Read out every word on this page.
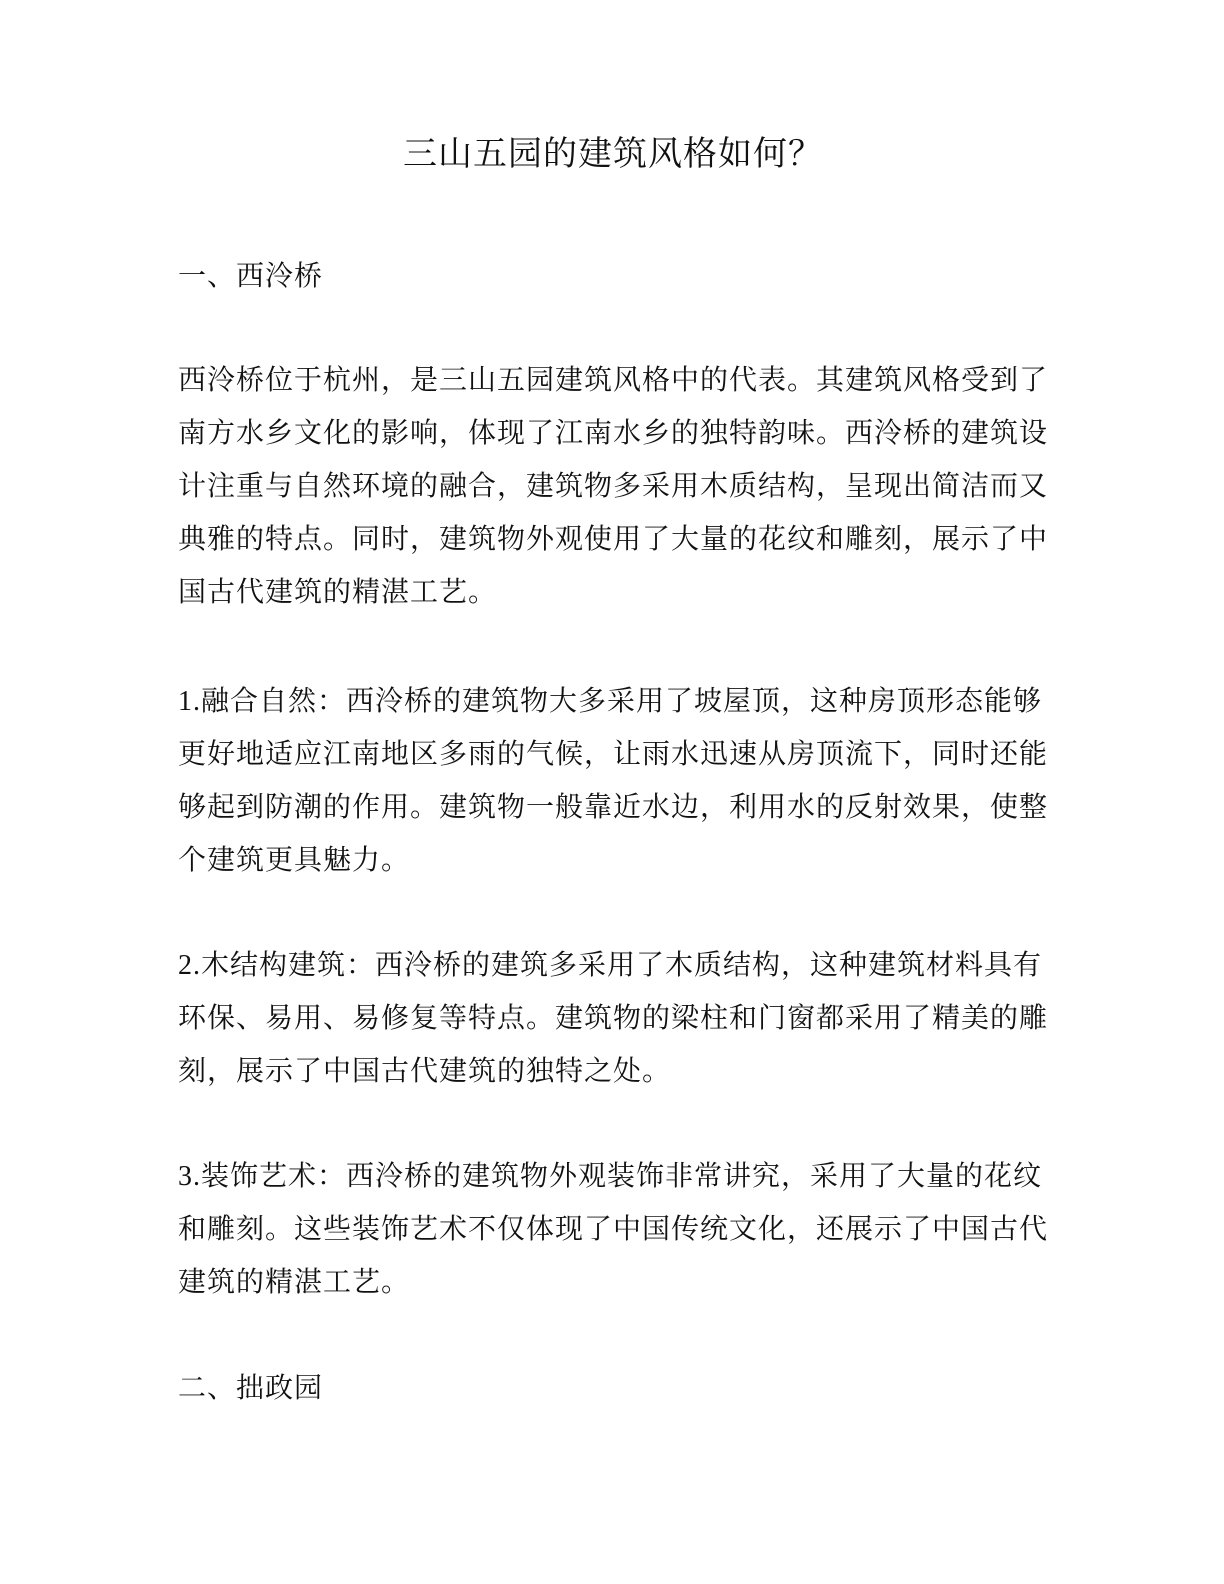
三山五园的建筑风格如何？
一、西泠桥
西泠桥位于杭州，是三山五园建筑风格中的代表。其建筑风格受到了
南方水乡文化的影响，体现了江南水乡的独特韵味。西泠桥的建筑设
计注重与自然环境的融合，建筑物多采用木质结构，呈现出简洁而又
典雅的特点。同时，建筑物外观使用了大量的花纹和雕刻，展示了中
国古代建筑的精湛工艺。
1.融合自然：西泠桥的建筑物大多采用了坡屋顶，这种房顶形态能够
更好地适应江南地区多雨的气候，让雨水迅速从房顶流下，同时还能
够起到防潮的作用。建筑物一般靠近水边，利用水的反射效果，使整
个建筑更具魅力。
2.木结构建筑：西泠桥的建筑多采用了木质结构，这种建筑材料具有
环保、易用、易修复等特点。建筑物的梁柱和门窗都采用了精美的雕
刻，展示了中国古代建筑的独特之处。
3.装饰艺术：西泠桥的建筑物外观装饰非常讲究，采用了大量的花纹
和雕刻。这些装饰艺术不仅体现了中国传统文化，还展示了中国古代
建筑的精湛工艺。
二、拙政园
